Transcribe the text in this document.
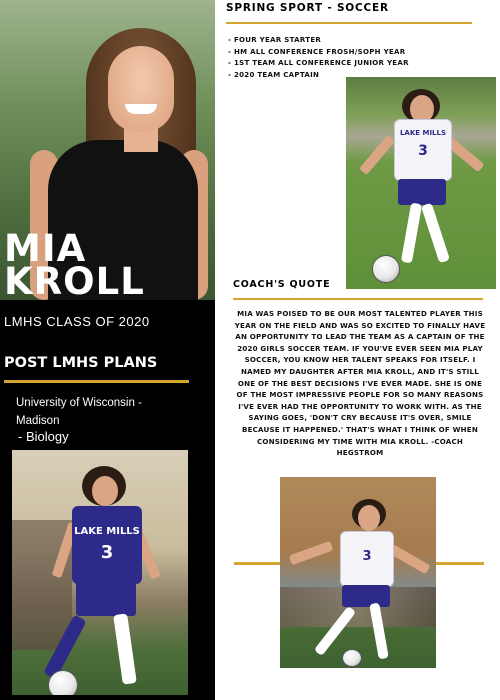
MIA
KROLL
LMHS CLASS OF 2020
POST LMHS PLANS
University of Wisconsin - Madison
- Biology
LAKE MILLS
3
SPRING SPORT - SOCCER
- FOUR YEAR STARTER
- HM ALL CONFERENCE FROSH/SOPH YEAR
- 1ST TEAM ALL CONFERENCE JUNIOR YEAR
- 2020 TEAM CAPTAIN
LAKE MILLS
3
COACH'S QUOTE
MIA WAS POISED TO BE OUR MOST TALENTED PLAYER THIS YEAR ON THE FIELD AND WAS SO EXCITED TO FINALLY HAVE AN OPPORTUNITY TO LEAD THE TEAM AS A CAPTAIN OF THE 2020 GIRLS SOCCER TEAM. IF YOU'VE EVER SEEN MIA PLAY SOCCER, YOU KNOW HER TALENT SPEAKS FOR ITSELF. I NAMED MY DAUGHTER AFTER MIA KROLL, AND IT'S STILL ONE OF THE BEST DECISIONS I'VE EVER MADE. SHE IS ONE OF THE MOST IMPRESSIVE PEOPLE FOR SO MANY REASONS I'VE EVER HAD THE OPPORTUNITY TO WORK WITH. AS THE SAYING GOES, 'DON'T CRY BECAUSE IT'S OVER, SMILE BECAUSE IT HAPPENED.' THAT'S WHAT I THINK OF WHEN CONSIDERING MY TIME WITH MIA KROLL. -COACH HEGSTROM
3
